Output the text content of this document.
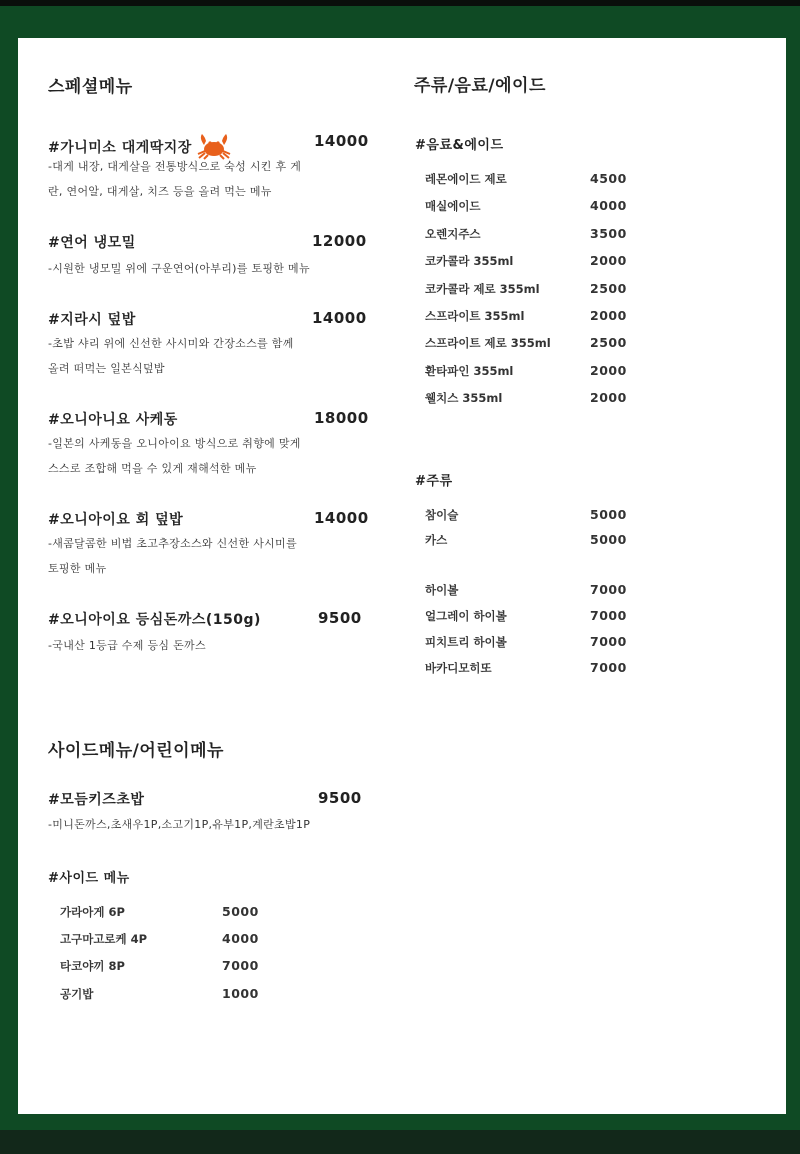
스페셜메뉴
#가니미소 대게딱지장	14000
-대게 내장, 대게살을 전통방식으로 숙성 시킨 후 게
란, 연어알, 대게살, 치즈 등을 올려 먹는 메뉴
#연어 냉모밀	12000
-시원한 냉모밀 위에 구운연어(아부리)를 토핑한 메뉴
#지라시 덮밥	14000
-초밥 샤리 위에 신선한 사시미와 간장소스를 함께
올려 떠먹는 일본식덮밥
#오니아니요 사케동	18000
-일본의 사케동을 오니아이요 방식으로 취향에 맞게
스스로 조합해 먹을 수 있게 재해석한 메뉴
#오니아이요 회 덮밥	14000
-새콤달콤한 비법 초고추장소스와 신선한 사시미를
토핑한 메뉴
#오니아이요 등심돈까스(150g)	9500
-국내산 1등급 수제 등심 돈까스
사이드메뉴/어린이메뉴
#모듬키즈초밥	9500
-미니돈까스,초새우1P,소고기1P,유부1P,계란초밥1P
#사이드 메뉴
가라아게 6P	5000
고구마고로케 4P	4000
타코야끼 8P	7000
공기밥	1000
주류/음료/에이드
#음료&에이드
레몬에이드 제로	4500
매실에이드	4000
오렌지주스	3500
코카콜라 355ml	2000
코카콜라 제로 355ml	2500
스프라이트 355ml	2000
스프라이트 제로 355ml	2500
환타파인 355ml	2000
웰치스 355ml	2000
#주류
참이슬	5000
카스	5000
하이볼	7000
얼그레이 하이볼	7000
피치트리 하이볼	7000
바카디모히또	7000
